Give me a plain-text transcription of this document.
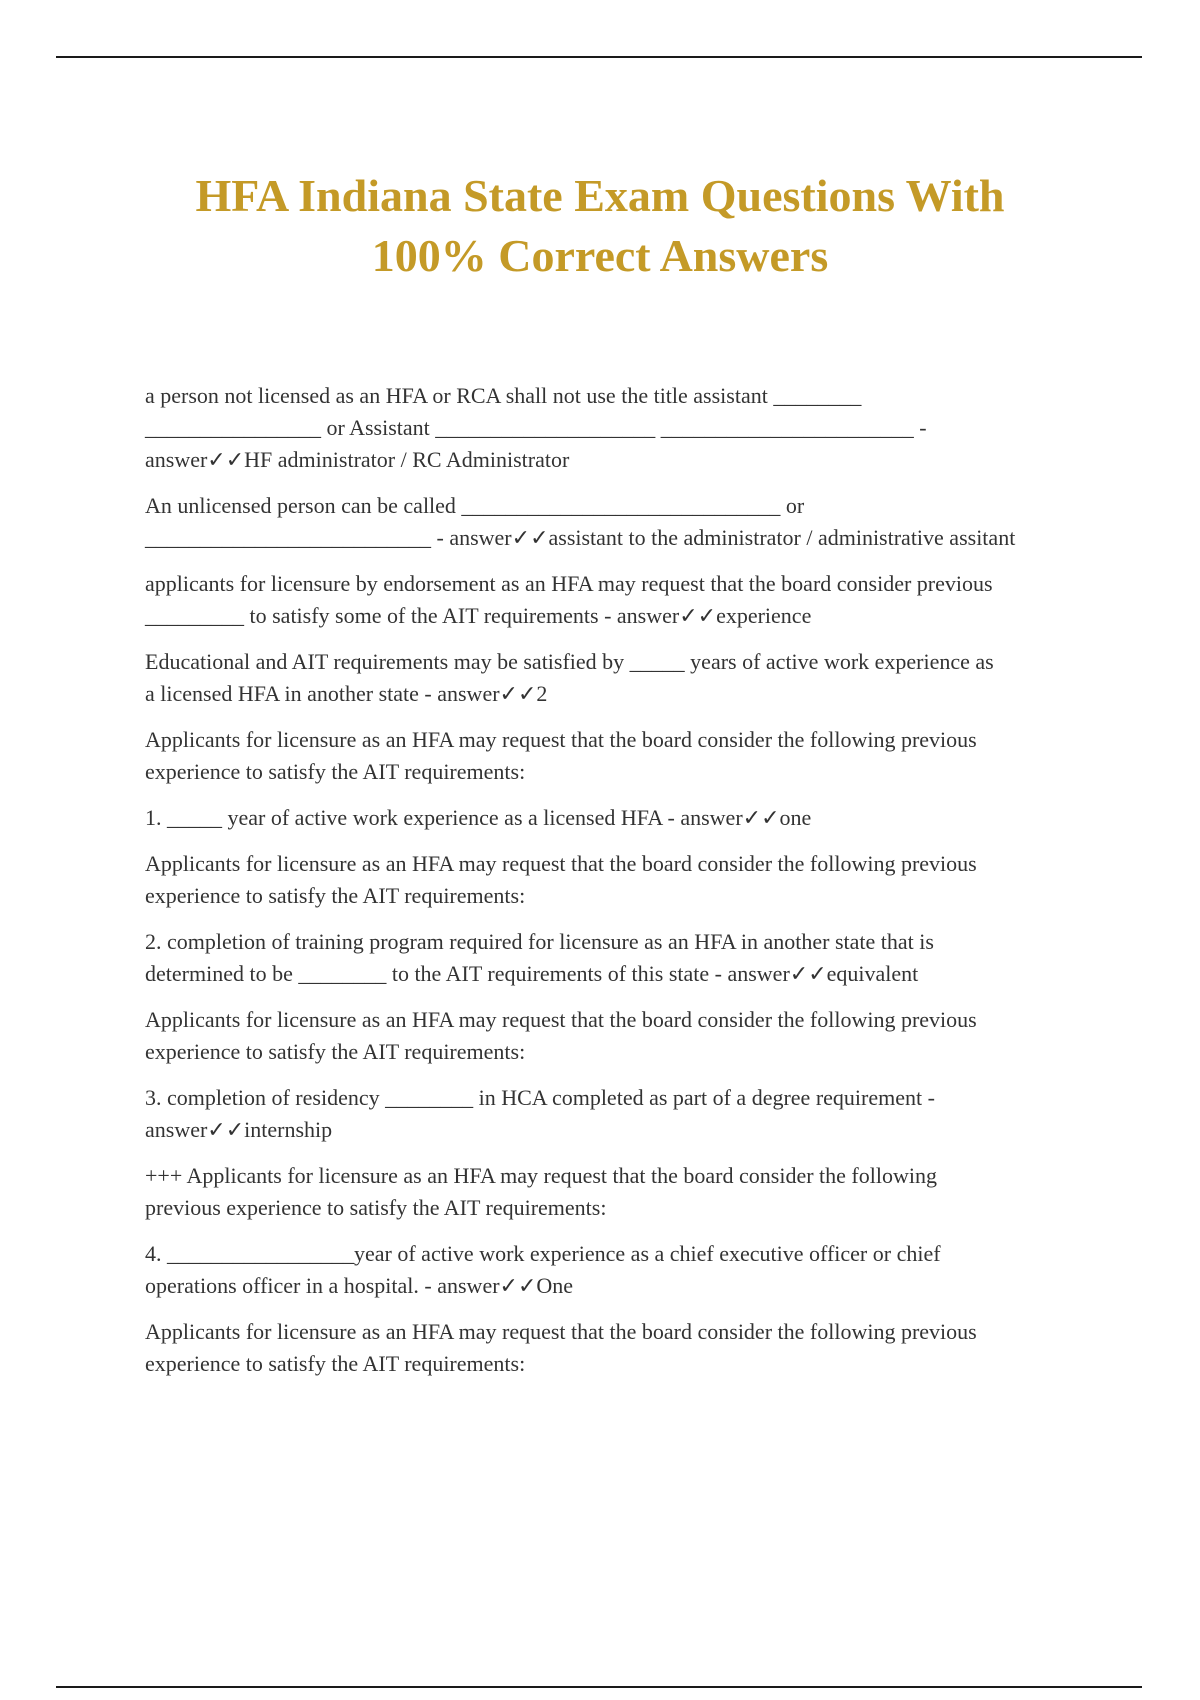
HFA Indiana State Exam Questions With
100% Correct Answers

a person not licensed as an HFA or RCA shall not use the title assistant ________
________________ or Assistant ____________________ _______________________ -
answer✓✓HF administrator / RC Administrator

An unlicensed person can be called _____________________________ or
__________________________ - answer✓✓assistant to the administrator / administrative assitant

applicants for licensure by endorsement as an HFA may request that the board consider previous
_________ to satisfy some of the AIT requirements - answer✓✓experience

Educational and AIT requirements may be satisfied by _____ years of active work experience as
a licensed HFA in another state - answer✓✓2

Applicants for licensure as an HFA may request that the board consider the following previous
experience to satisfy the AIT requirements:

1. _____ year of active work experience as a licensed HFA - answer✓✓one

Applicants for licensure as an HFA may request that the board consider the following previous
experience to satisfy the AIT requirements:

2. completion of training program required for licensure as an HFA in another state that is
determined to be ________ to the AIT requirements of this state - answer✓✓equivalent

Applicants for licensure as an HFA may request that the board consider the following previous
experience to satisfy the AIT requirements:

3. completion of residency ________ in HCA completed as part of a degree requirement -
answer✓✓internship

+++ Applicants for licensure as an HFA may request that the board consider the following
previous experience to satisfy the AIT requirements:

4. _________________year of active work experience as a chief executive officer or chief
operations officer in a hospital. - answer✓✓One

Applicants for licensure as an HFA may request that the board consider the following previous
experience to satisfy the AIT requirements:
